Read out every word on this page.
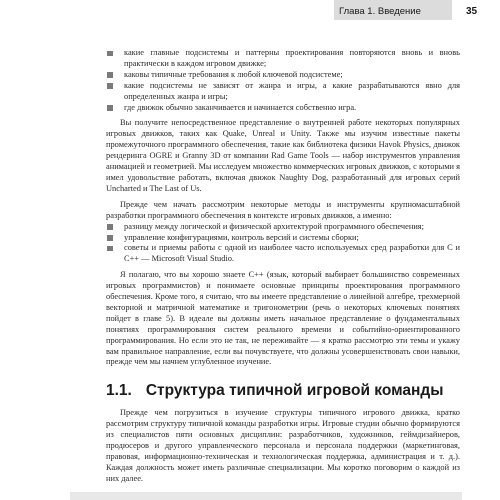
Глава 1. Введение	35
какие главные подсистемы и паттерны проектирования повторяются вновь и вновь практически в каждом игровом движке;
каковы типичные требования к любой ключевой подсистеме;
какие подсистемы не зависят от жанра и игры, а какие разрабатываются явно для определенных жанра и игры;
где движок обычно заканчивается и начинается собственно игра.

Вы получите непосредственное представление о внутренней работе некоторых популярных игровых движков, таких как Quake, Unreal и Unity. Также мы изучим известные пакеты промежуточного программного обеспечения, такие как библиотека физики Havok Physics, движок рендеринга OGRE и Granny 3D от компании Rad Game Tools — набор инструментов управления анимацией и геометрией. Мы исследуем множество коммерческих игровых движков, с которыми я имел удовольствие работать, включая движок Naughty Dog, разработанный для игровых серий Uncharted и The Last of Us.

Прежде чем начать рассмотрим некоторые методы и инструменты крупномасштабной разработки программного обеспечения в контексте игровых движков, а именно:

разницу между логической и физической архитектурой программного обеспечения;
управление конфигурациями, контроль версий и системы сборки;
советы и приемы работы с одной из наиболее часто используемых сред разработки для C и C++ — Microsoft Visual Studio.

Я полагаю, что вы хорошо знаете C++ (язык, который выбирает большинство современных игровых программистов) и понимаете основные принципы проектирования программного обеспечения. Кроме того, я считаю, что вы имеете представление о линейной алгебре, трехмерной векторной и матричной математике и тригонометрии (речь о некоторых ключевых понятиях пойдет в главе 5). В идеале вы должны иметь начальное представление о фундаментальных понятиях программирования систем реального времени и событийно-ориентированного программирования. Но если это не так, не переживайте — я кратко рассмотрю эти темы и укажу вам правильное направление, если вы почувствуете, что должны усовершенствовать свои навыки, прежде чем мы начнем углубленное изучение.

1.1. Структура типичной игровой команды

Прежде чем погрузиться в изучение структуры типичного игрового движка, кратко рассмотрим структуру типичной команды разработки игры. Игровые студии обычно формируются из специалистов пяти основных дисциплин: разработчиков, художников, геймдизайнеров, продюсеров и другого управленческого персонала и персонала поддержки (маркетинговая, правовая, информационно-техническая и технологическая поддержка, администрация и т. д.). Каждая должность может иметь различные специализации. Мы коротко поговорим о каждой из них далее.
